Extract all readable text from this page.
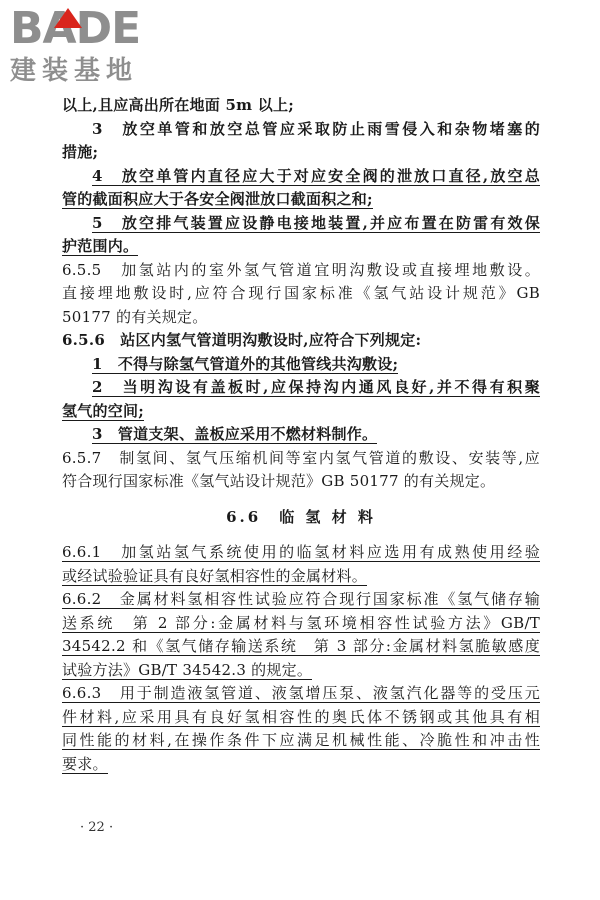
BADE
建装基地
以上,且应高出所在地面 5m 以上;
3　放空单管和放空总管应采取防止雨雪侵入和杂物堵塞的
措施;
4　放空单管内直径应大于对应安全阀的泄放口直径,放空总
管的截面积应大于各安全阀泄放口截面积之和;
5　放空排气装置应设静电接地装置,并应布置在防雷有效保
护范围内。
6.5.5　加氢站内的室外氢气管道宜明沟敷设或直接埋地敷设。
直接埋地敷设时,应符合现行国家标准《氢气站设计规范》GB
50177 的有关规定。
6.5.6　站区内氢气管道明沟敷设时,应符合下列规定:
1　不得与除氢气管道外的其他管线共沟敷设;
2　当明沟设有盖板时,应保持沟内通风良好,并不得有积聚
氢气的空间;
3　管道支架、盖板应采用不燃材料制作。
6.5.7　制氢间、氢气压缩机间等室内氢气管道的敷设、安装等,应
符合现行国家标准《氢气站设计规范》GB 50177 的有关规定。
6.6　临 氢 材 料
6.6.1　加氢站氢气系统使用的临氢材料应选用有成熟使用经验
或经试验验证具有良好氢相容性的金属材料。
6.6.2　金属材料氢相容性试验应符合现行国家标准《氢气储存输
送系统　第 2 部分:金属材料与氢环境相容性试验方法》GB/T
34542.2 和《氢气储存输送系统　第 3 部分:金属材料氢脆敏感度
试验方法》GB/T 34542.3 的规定。
6.6.3　用于制造液氢管道、液氢增压泵、液氢汽化器等的受压元
件材料,应采用具有良好氢相容性的奥氏体不锈钢或其他具有相
同性能的材料,在操作条件下应满足机械性能、冷脆性和冲击性
要求。
· 22 ·
